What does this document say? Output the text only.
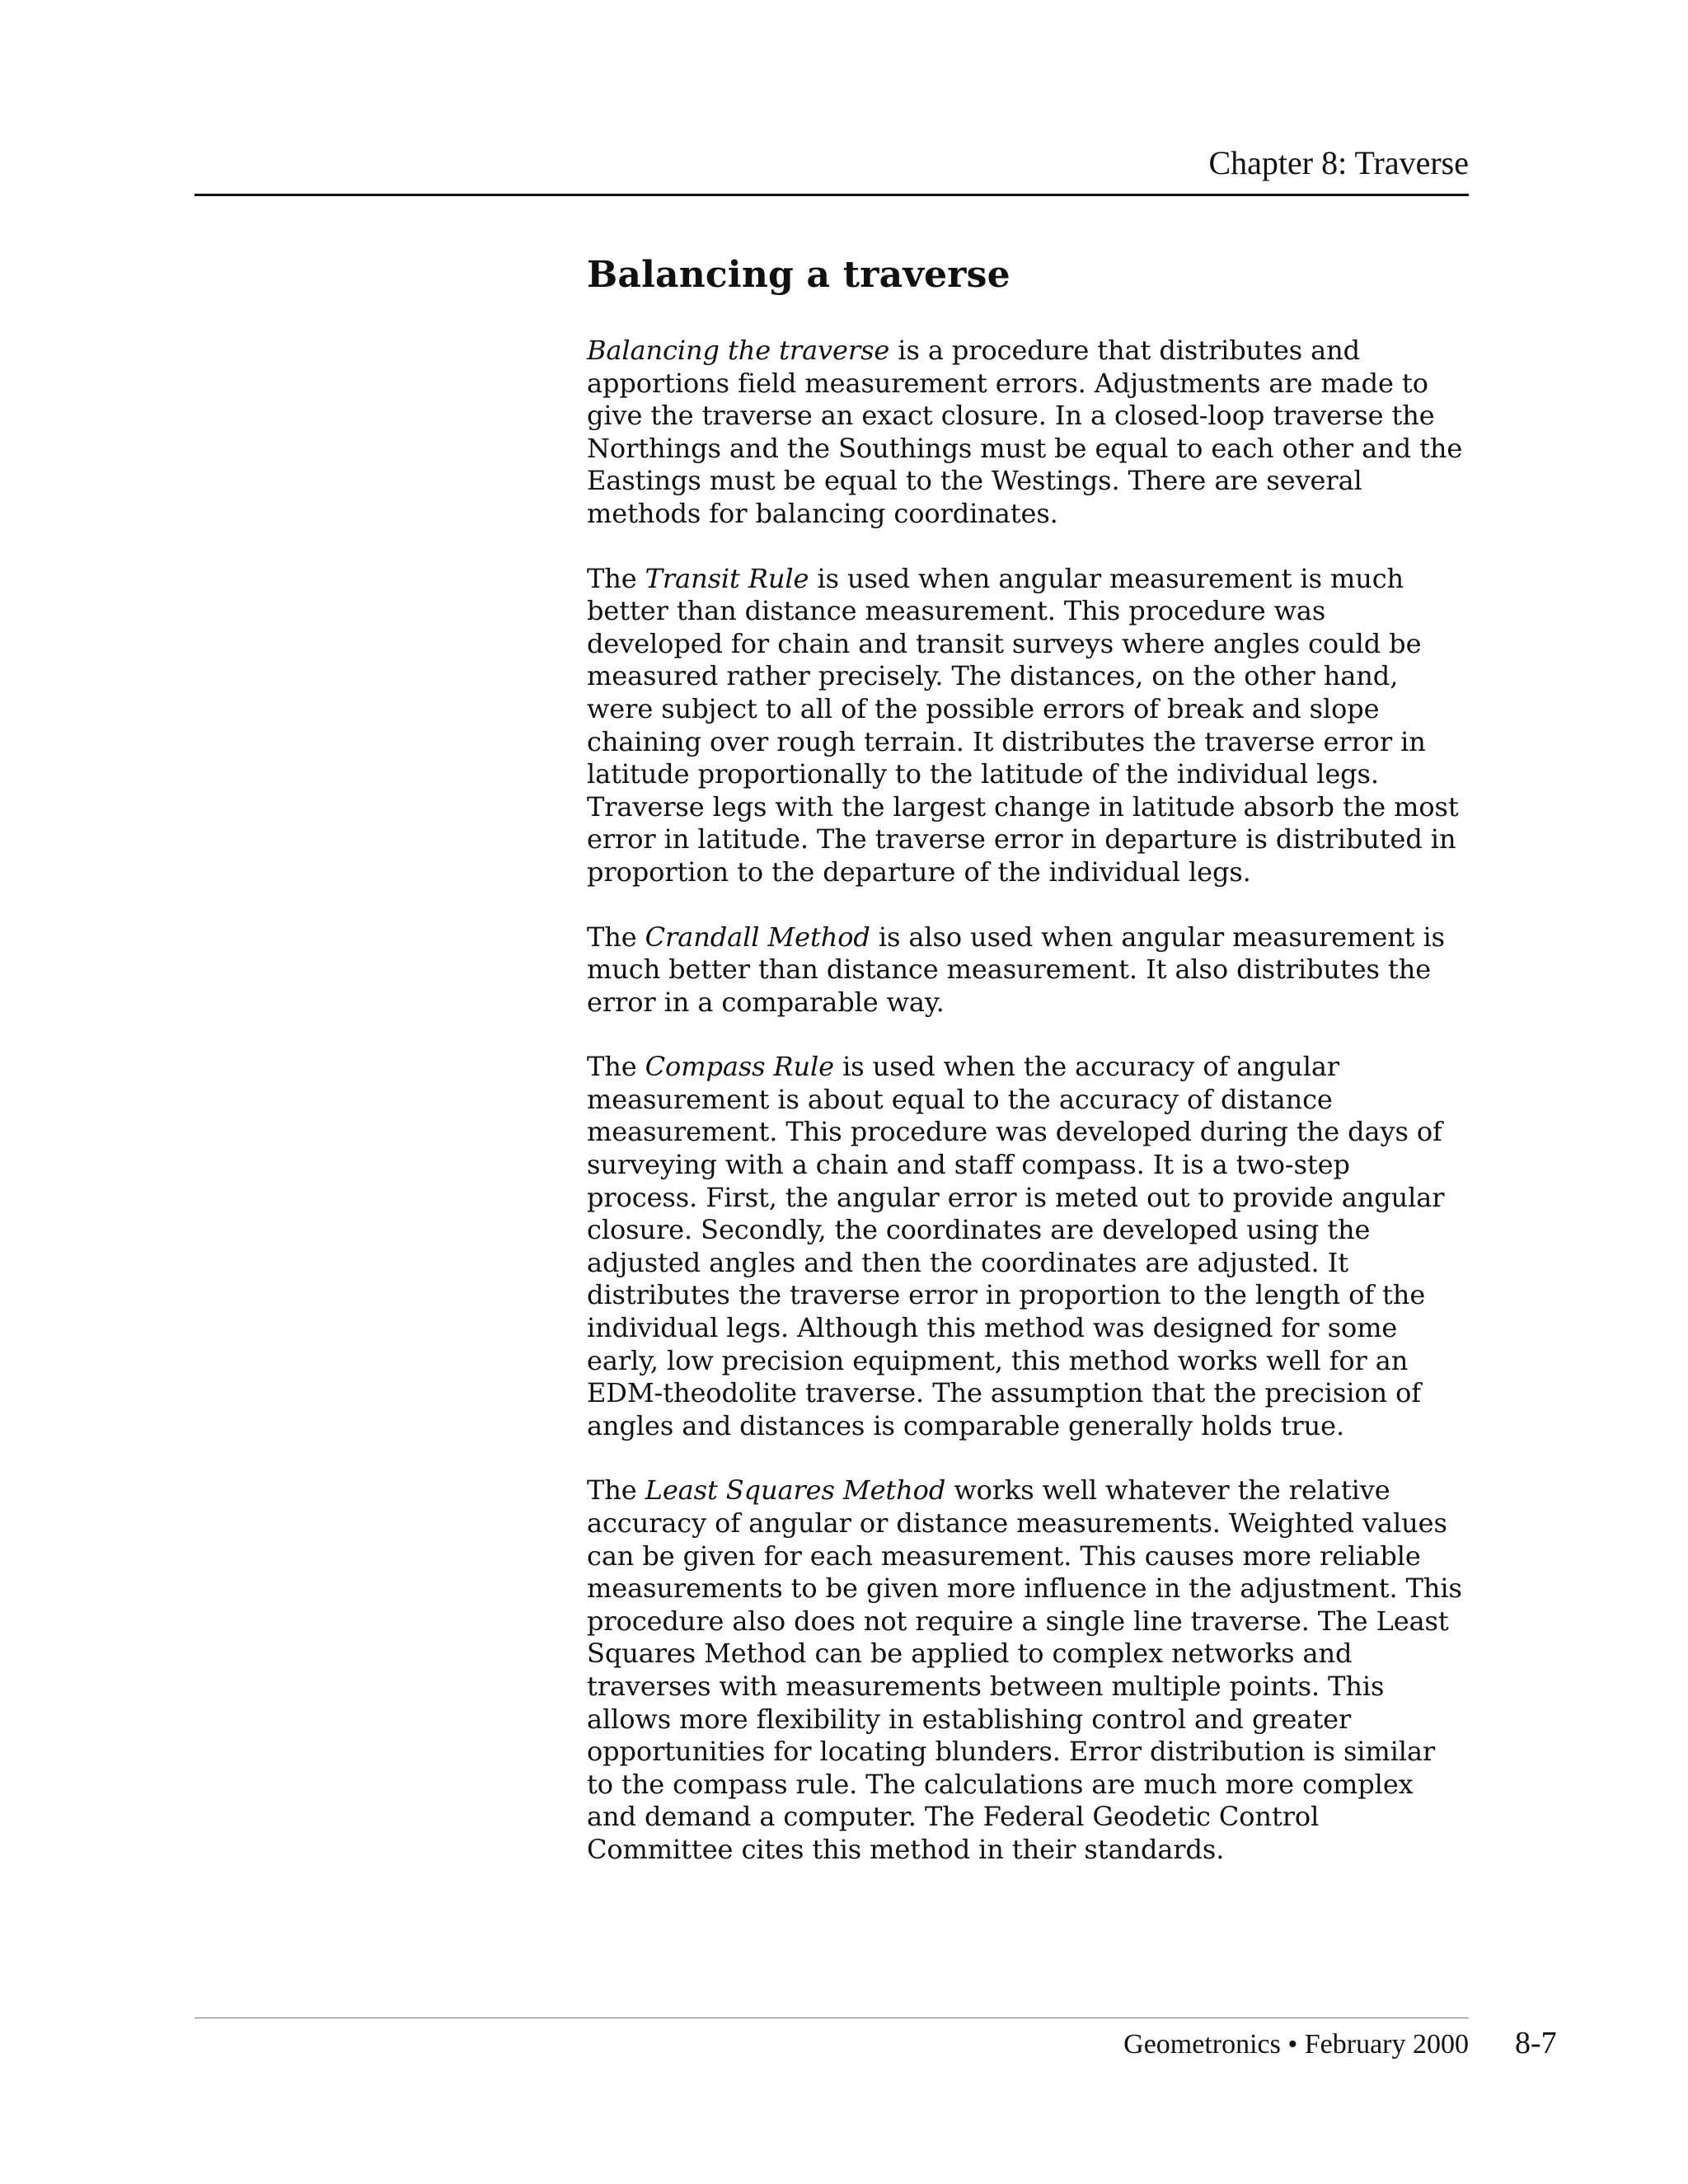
Chapter 8: Traverse
Balancing a traverse

Balancing the traverse is a procedure that distributes and apportions field measurement errors. Adjustments are made to give the traverse an exact closure. In a closed-loop traverse the Northings and the Southings must be equal to each other and the Eastings must be equal to the Westings. There are several methods for balancing coordinates.

The Transit Rule is used when angular measurement is much better than distance measurement. This procedure was developed for chain and transit surveys where angles could be measured rather precisely. The distances, on the other hand, were subject to all of the possible errors of break and slope chaining over rough terrain. It distributes the traverse error in latitude proportionally to the latitude of the individual legs. Traverse legs with the largest change in latitude absorb the most error in latitude. The traverse error in departure is distributed in proportion to the departure of the individual legs.

The Crandall Method is also used when angular measurement is much better than distance measurement. It also distributes the error in a comparable way.

The Compass Rule is used when the accuracy of angular measurement is about equal to the accuracy of distance measurement. This procedure was developed during the days of surveying with a chain and staff compass. It is a two-step process. First, the angular error is meted out to provide angular closure. Secondly, the coordinates are developed using the adjusted angles and then the coordinates are adjusted. It distributes the traverse error in proportion to the length of the individual legs. Although this method was designed for some early, low precision equipment, this method works well for an EDM-theodolite traverse. The assumption that the precision of angles and distances is comparable generally holds true.

The Least Squares Method works well whatever the relative accuracy of angular or distance measurements. Weighted values can be given for each measurement. This causes more reliable measurements to be given more influence in the adjustment. This procedure also does not require a single line traverse. The Least Squares Method can be applied to complex networks and traverses with measurements between multiple points. This allows more flexibility in establishing control and greater opportunities for locating blunders. Error distribution is similar to the compass rule. The calculations are much more complex and demand a computer. The Federal Geodetic Control Committee cites this method in their standards.

Geometronics • February 2000 8-7
